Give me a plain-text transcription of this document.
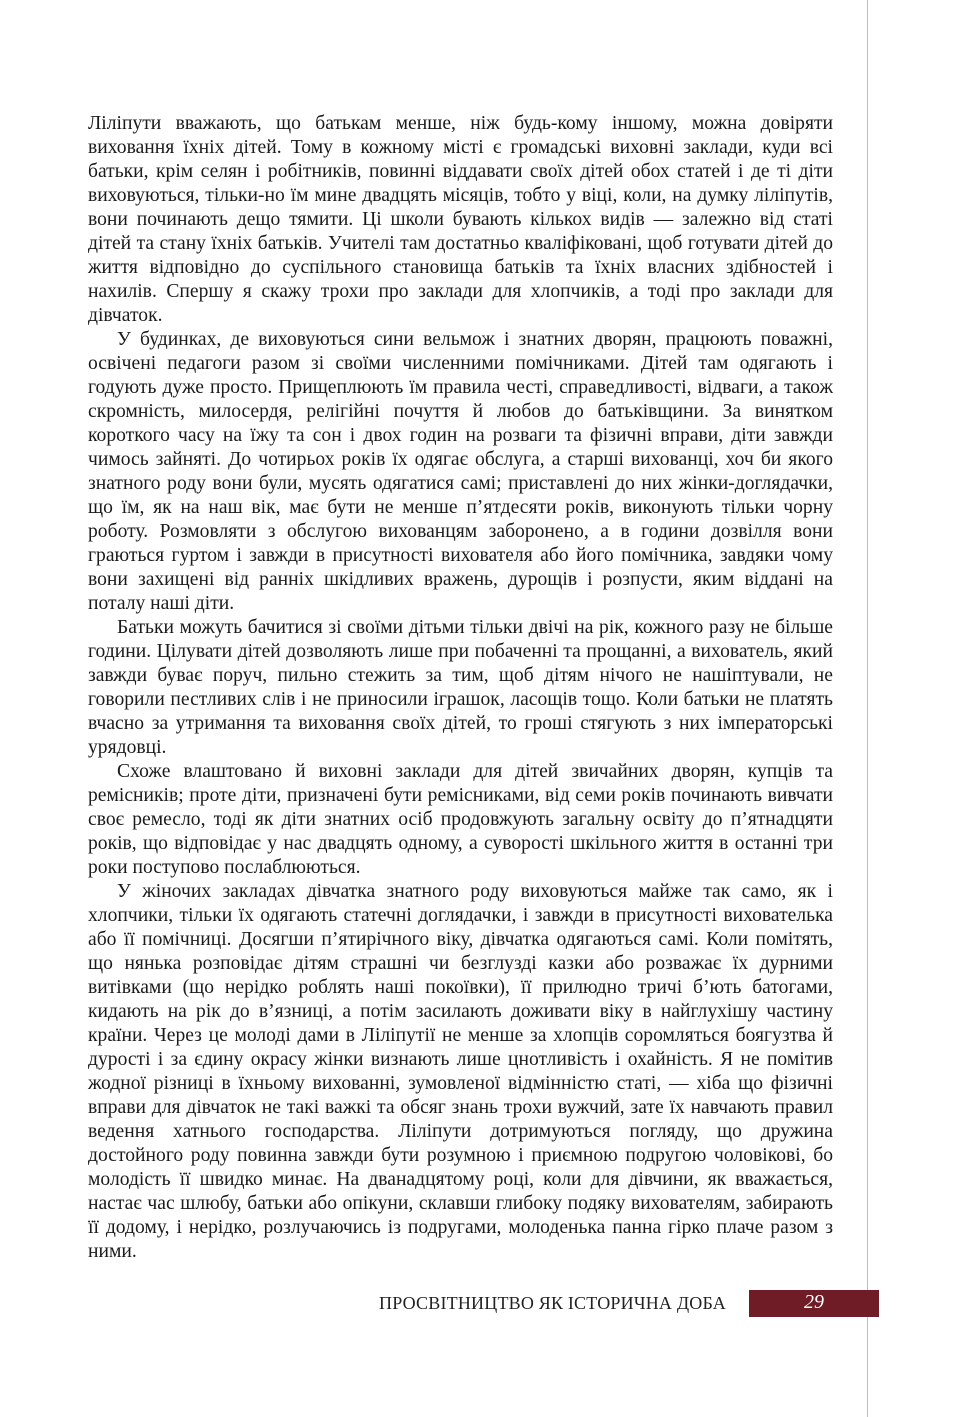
Ліліпути вважають, що батькам менше, ніж будь-кому іншому, можна довіряти виховання їхніх дітей. Тому в кожному місті є громадські виховні заклади, куди всі батьки, крім селян і робітників, повинні віддавати своїх дітей обох статей і де ті діти виховуються, тільки-но їм мине двадцять місяців, тобто у віці, коли, на думку ліліпутів, вони починають дещо тямити. Ці школи бувають кількох видів — залежно від статі дітей та стану їхніх батьків. Учителі там достатньо кваліфіковані, щоб готувати дітей до життя відповідно до суспільного становища батьків та їхніх власних здібностей і нахилів. Спершу я скажу трохи про заклади для хлопчиків, а тоді про заклади для дівчаток.

У будинках, де виховуються сини вельмож і знатних дворян, працюють поважні, освічені педагоги разом зі своїми численними помічниками. Дітей там одягають і годують дуже просто. Прищеплюють їм правила честі, справедливості, відваги, а також скромність, милосердя, релігійні почуття й любов до батьківщини. За винятком короткого часу на їжу та сон і двох годин на розваги та фізичні вправи, діти завжди чимось зайняті. До чотирьох років їх одягає обслуга, а старші вихованці, хоч би якого знатного роду вони були, мусять одягатися самі; приставлені до них жінки-доглядачки, що їм, як на наш вік, має бути не менше п’ятдесяти років, виконують тільки чорну роботу. Розмовляти з обслугою вихованцям заборонено, а в години дозвілля вони граються гуртом і завжди в присутності вихователя або його помічника, завдяки чому вони захищені від ранніх шкідливих вражень, дурощів і розпусти, яким віддані на поталу наші діти.

Батьки можуть бачитися зі своїми дітьми тільки двічі на рік, кожного разу не більше години. Цілувати дітей дозволяють лише при побаченні та прощанні, а вихователь, який завжди буває поруч, пильно стежить за тим, щоб дітям нічого не нашіптували, не говорили пестливих слів і не приносили іграшок, ласощів тощо. Коли батьки не платять вчасно за утримання та виховання своїх дітей, то гроші стягують з них імператорські урядовці.

Схоже влаштовано й виховні заклади для дітей звичайних дворян, купців та ремісників; проте діти, призначені бути ремісниками, від семи років починають вивчати своє ремесло, тоді як діти знатних осіб продовжують загальну освіту до п’ятнадцяти років, що відповідає у нас двадцять одному, а суворості шкільного життя в останні три роки поступово послаблюються.

У жіночих закладах дівчатка знатного роду виховуються майже так само, як і хлопчики, тільки їх одягають статечні доглядачки, і завжди в присутності вихователька або її помічниці. Досягши п’ятирічного віку, дівчатка одягаються самі. Коли помітять, що нянька розповідає дітям страшні чи безглузді казки або розважає їх дурними витівками (що нерідко роблять наші покоївки), її прилюдно тричі б’ють батогами, кидають на рік до в’язниці, а потім засилають доживати віку в найглухішу частину країни. Через це молоді дами в Ліліпутії не менше за хлопців соромляться боягузтва й дурості і за єдину окрасу жінки визнають лише цнотливість і охайність. Я не помітив жодної різниці в їхньому вихованні, зумовленої відмінністю статі, — хіба що фізичні вправи для дівчаток не такі важкі та обсяг знань трохи вужчий, зате їх навчають правил ведення хатнього господарства. Ліліпути дотримуються погляду, що дружина достойного роду повинна завжди бути розумною і приємною подругою чоловікові, бо молодість її швидко минає. На дванадцятому році, коли для дівчини, як вважається, настає час шлюбу, батьки або опікуни, склавши глибоку подяку вихователям, забирають її додому, і нерідко, розлучаючись із подругами, молоденька панна гірко плаче разом з ними.

ПРОСВІТНИЦТВО ЯК ІСТОРИЧНА ДОБА	29
